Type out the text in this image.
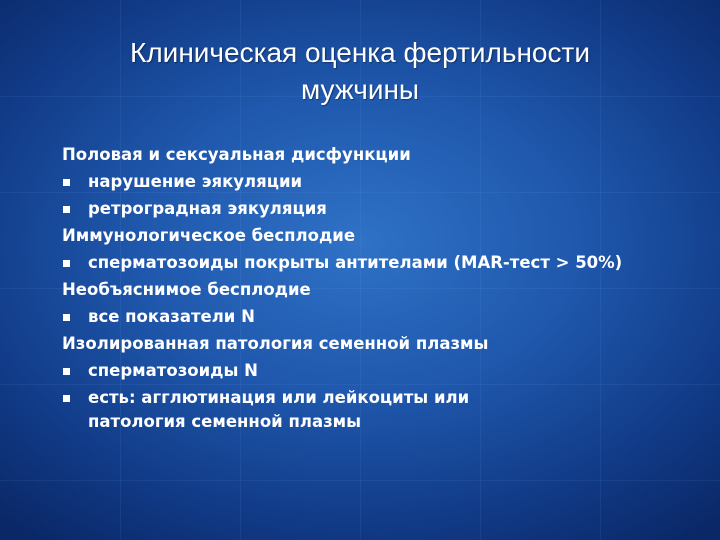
Клиническая оценка фертильности
мужчины

Половая и сексуальная дисфункции

нарушение эякуляции
ретроградная эякуляция

Иммунологическое бесплодие

сперматозоиды покрыты антителами (MAR-тест > 50%)

Необъяснимое бесплодие

все показатели N

Изолированная патология семенной плазмы

сперматозоиды N
есть: агглютинация или лейкоциты или патология семенной плазмы
